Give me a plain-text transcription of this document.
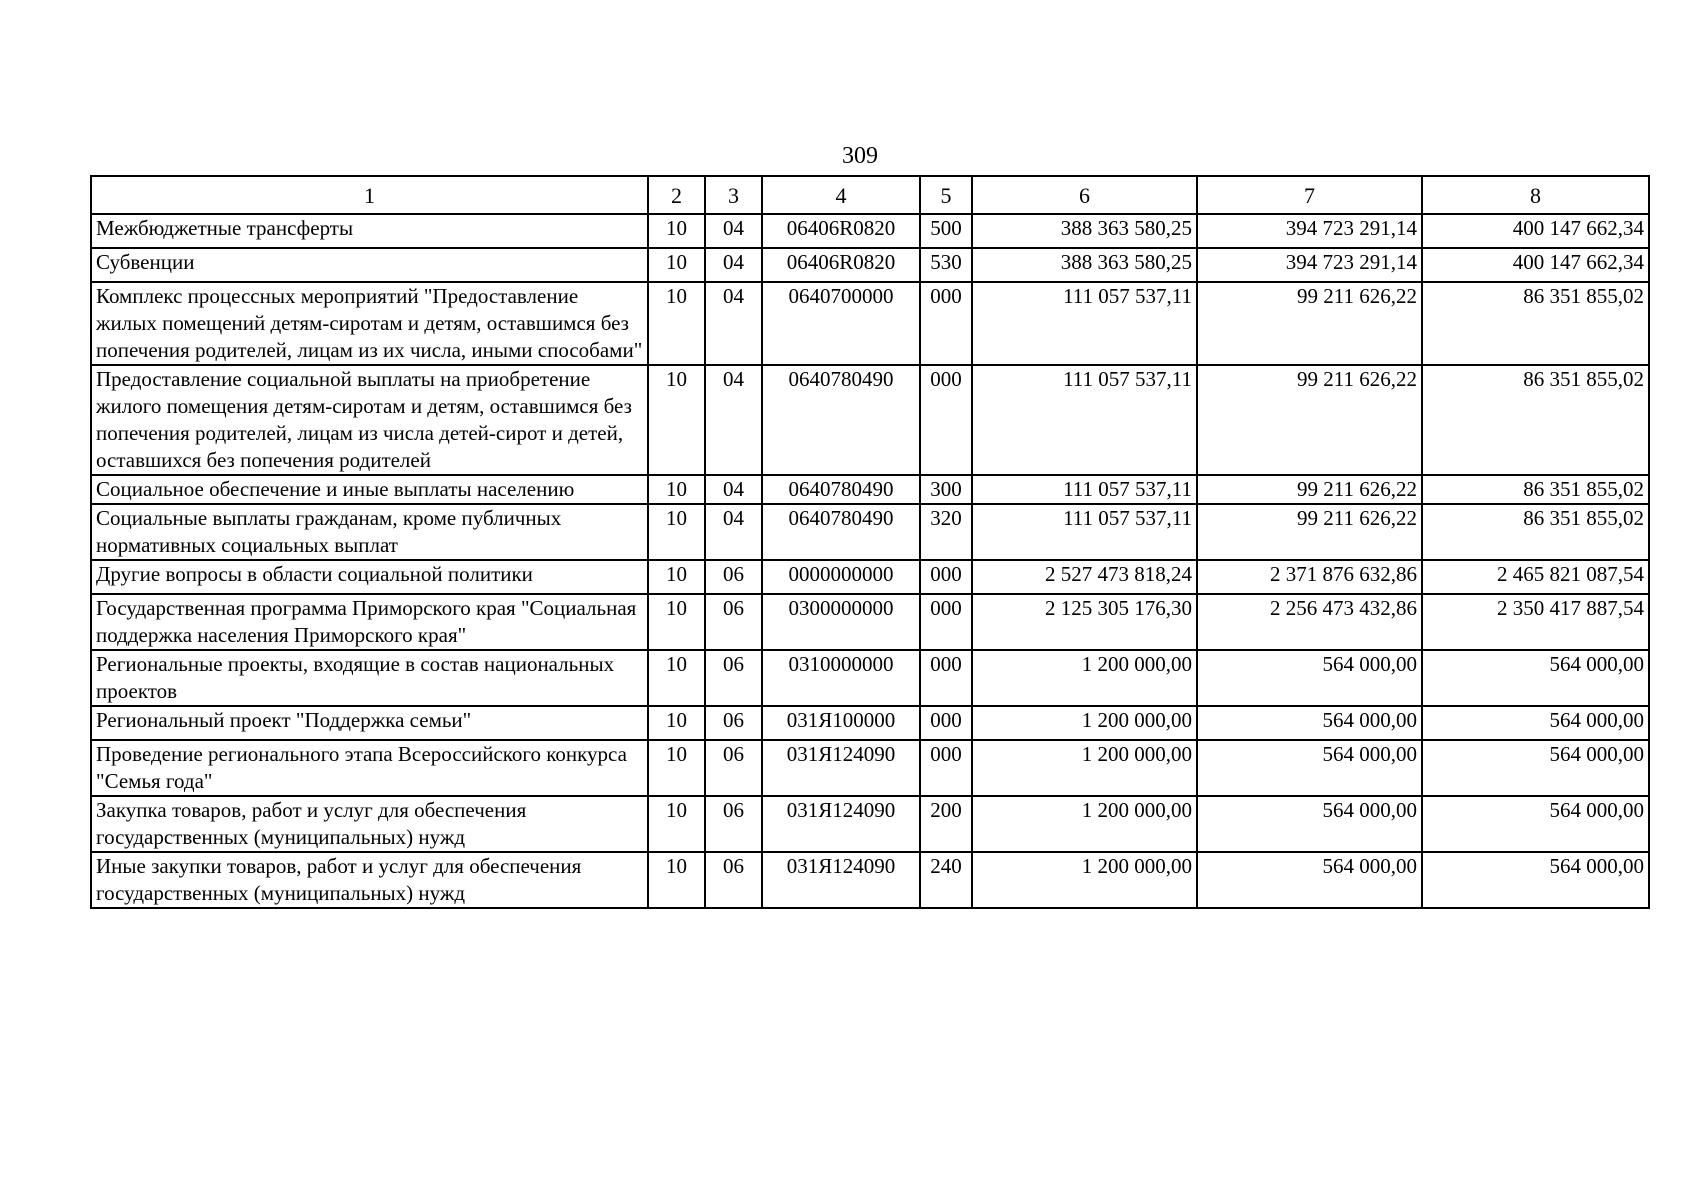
309
1	2	3	4	5	6	7	8
Межбюджетные трансферты	10	04	06406R0820	500	388 363 580,25	394 723 291,14	400 147 662,34
Субвенции	10	04	06406R0820	530	388 363 580,25	394 723 291,14	400 147 662,34
Комплекс процессных мероприятий "Предоставление жилых помещений детям-сиротам и детям, оставшимся без попечения родителей, лицам из их числа, иными способами"	10	04	0640700000	000	111 057 537,11	99 211 626,22	86 351 855,02
Предоставление социальной выплаты на приобретение жилого помещения детям-сиротам и детям, оставшимся без попечения родителей, лицам из числа детей-сирот и детей, оставшихся без попечения родителей	10	04	0640780490	000	111 057 537,11	99 211 626,22	86 351 855,02
Социальное обеспечение и иные выплаты населению	10	04	0640780490	300	111 057 537,11	99 211 626,22	86 351 855,02
Социальные выплаты гражданам, кроме публичных нормативных социальных выплат	10	04	0640780490	320	111 057 537,11	99 211 626,22	86 351 855,02
Другие вопросы в области социальной политики	10	06	0000000000	000	2 527 473 818,24	2 371 876 632,86	2 465 821 087,54
Государственная программа Приморского края "Социальная поддержка населения Приморского края"	10	06	0300000000	000	2 125 305 176,30	2 256 473 432,86	2 350 417 887,54
Региональные проекты, входящие в состав национальных проектов	10	06	0310000000	000	1 200 000,00	564 000,00	564 000,00
Региональный проект "Поддержка семьи"	10	06	031Я100000	000	1 200 000,00	564 000,00	564 000,00
Проведение регионального этапа Всероссийского конкурса "Семья года"	10	06	031Я124090	000	1 200 000,00	564 000,00	564 000,00
Закупка товаров, работ и услуг для обеспечения государственных (муниципальных) нужд	10	06	031Я124090	200	1 200 000,00	564 000,00	564 000,00
Иные закупки товаров, работ и услуг для обеспечения государственных (муниципальных) нужд	10	06	031Я124090	240	1 200 000,00	564 000,00	564 000,00
